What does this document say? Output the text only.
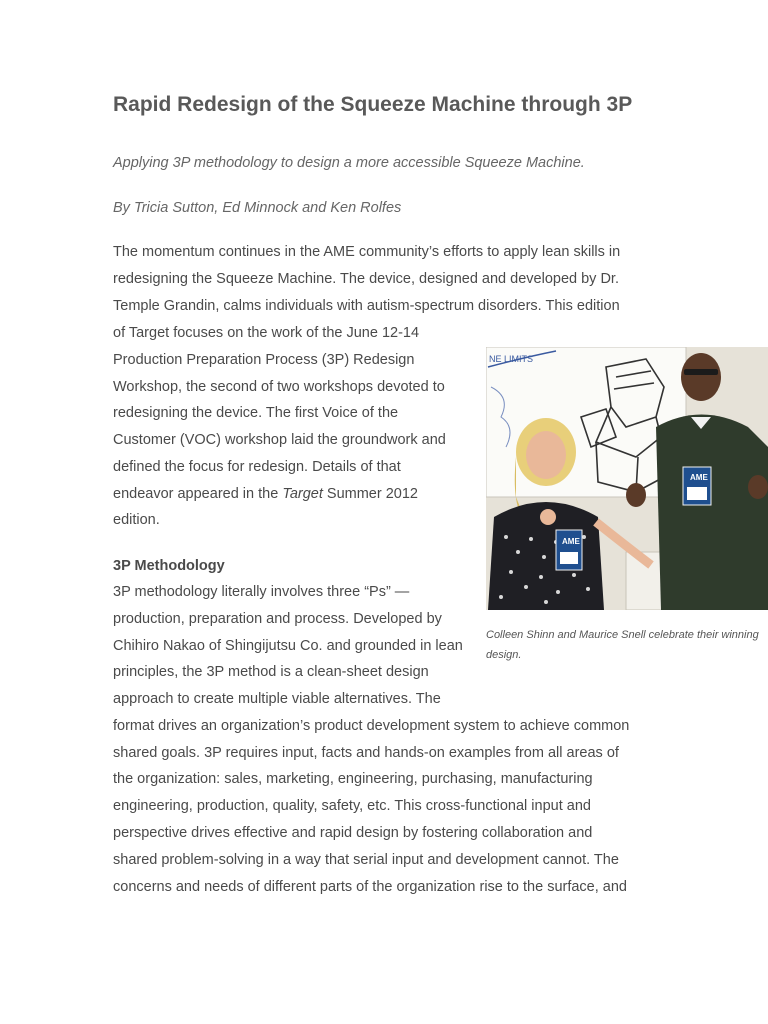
Rapid Redesign of the Squeeze Machine through 3P

Applying 3P methodology to design a more accessible Squeeze Machine.

By Tricia Sutton, Ed Minnock and Ken Rolfes

The momentum continues in the AME community’s efforts to apply lean skills in

redesigning the Squeeze Machine. The device, designed and developed by Dr.

Temple Grandin, calms individuals with autism-spectrum disorders. This edition

of Target focuses on the work of the June 12-14

Production Preparation Process (3P) Redesign

Workshop, the second of two workshops devoted to

redesigning the device. The first Voice of the

Customer (VOC) workshop laid the groundwork and

defined the focus for redesign. Details of that

endeavor appeared in the Target Summer 2012

edition.

3P Methodology

3P methodology literally involves three “Ps” —

production, preparation and process. Developed by

Chihiro Nakao of Shingijutsu Co. and grounded in lean

principles, the 3P method is a clean-sheet design

approach to create multiple viable alternatives. The

format drives an organization’s product development system to achieve common

shared goals. 3P requires input, facts and hands-on examples from all areas of

the organization: sales, marketing, engineering, purchasing, manufacturing

engineering, production, quality, safety, etc. This cross-functional input and

perspective drives effective and rapid design by fostering collaboration and

shared problem-solving in a way that serial input and development cannot. The

concerns and needs of different parts of the organization rise to the surface, and

NE LIMITS
AME
AME

Colleen Shinn and Maurice Snell celebrate their winning
design.
